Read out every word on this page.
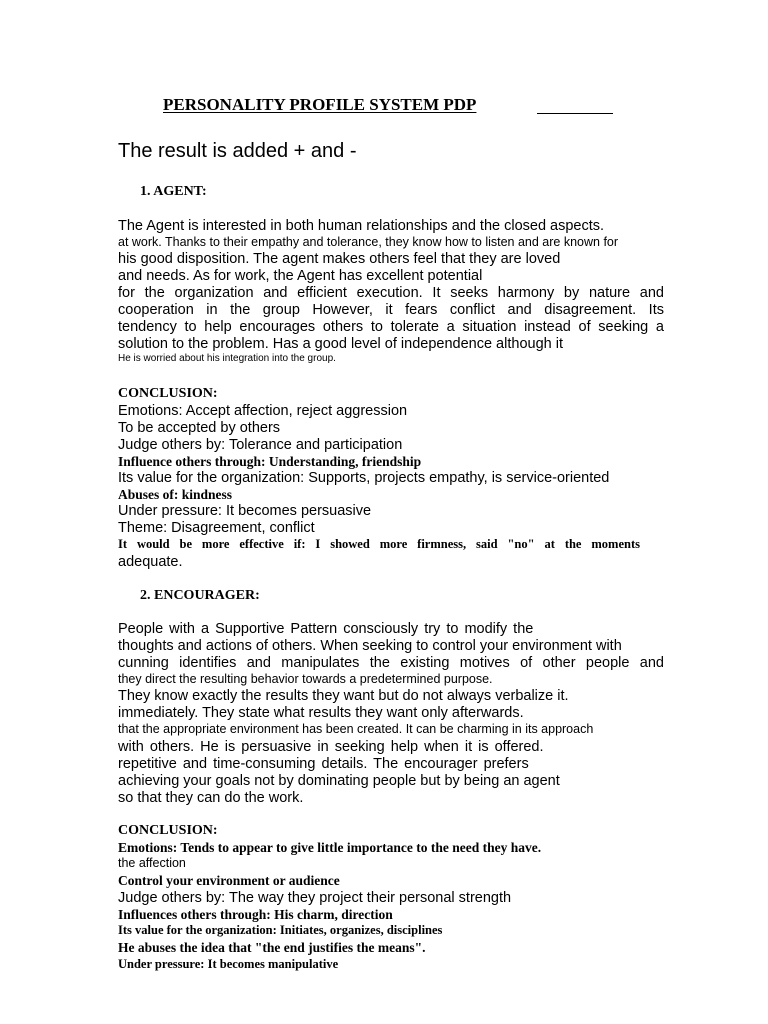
PERSONALITY PROFILE SYSTEM PDP
The result is added + and -
1. AGENT:
The Agent is interested in both human relationships and the closed aspects.
at work. Thanks to their empathy and tolerance, they know how to listen and are known for
his good disposition. The agent makes others feel that they are loved
and needs. As for work, the Agent has excellent potential
for the organization and efficient execution. It seeks harmony by nature and
cooperation in the group However, it fears conflict and disagreement. Its
tendency to help encourages others to tolerate a situation instead of seeking a
solution to the problem. Has a good level of independence although it
He is worried about his integration into the group.
CONCLUSION:
Emotions: Accept affection, reject aggression
To be accepted by others
Judge others by: Tolerance and participation
Influence others through: Understanding, friendship
Its value for the organization: Supports, projects empathy, is service-oriented
Abuses of: kindness
Under pressure: It becomes persuasive
Theme: Disagreement, conflict
It would be more effective if: I showed more firmness, said "no" at the moments
adequate.
2. ENCOURAGER:
People with a Supportive Pattern consciously try to modify the
thoughts and actions of others. When seeking to control your environment with
cunning identifies and manipulates the existing motives of other people and
they direct the resulting behavior towards a predetermined purpose.
They know exactly the results they want but do not always verbalize it.
immediately. They state what results they want only afterwards.
that the appropriate environment has been created. It can be charming in its approach
with others. He is persuasive in seeking help when it is offered.
repetitive and time-consuming details. The encourager prefers
achieving your goals not by dominating people but by being an agent
so that they can do the work.
CONCLUSION:
Emotions: Tends to appear to give little importance to the need they have.
the affection
Control your environment or audience
Judge others by: The way they project their personal strength
Influences others through: His charm, direction
Its value for the organization: Initiates, organizes, disciplines
He abuses the idea that "the end justifies the means".
Under pressure: It becomes manipulative
